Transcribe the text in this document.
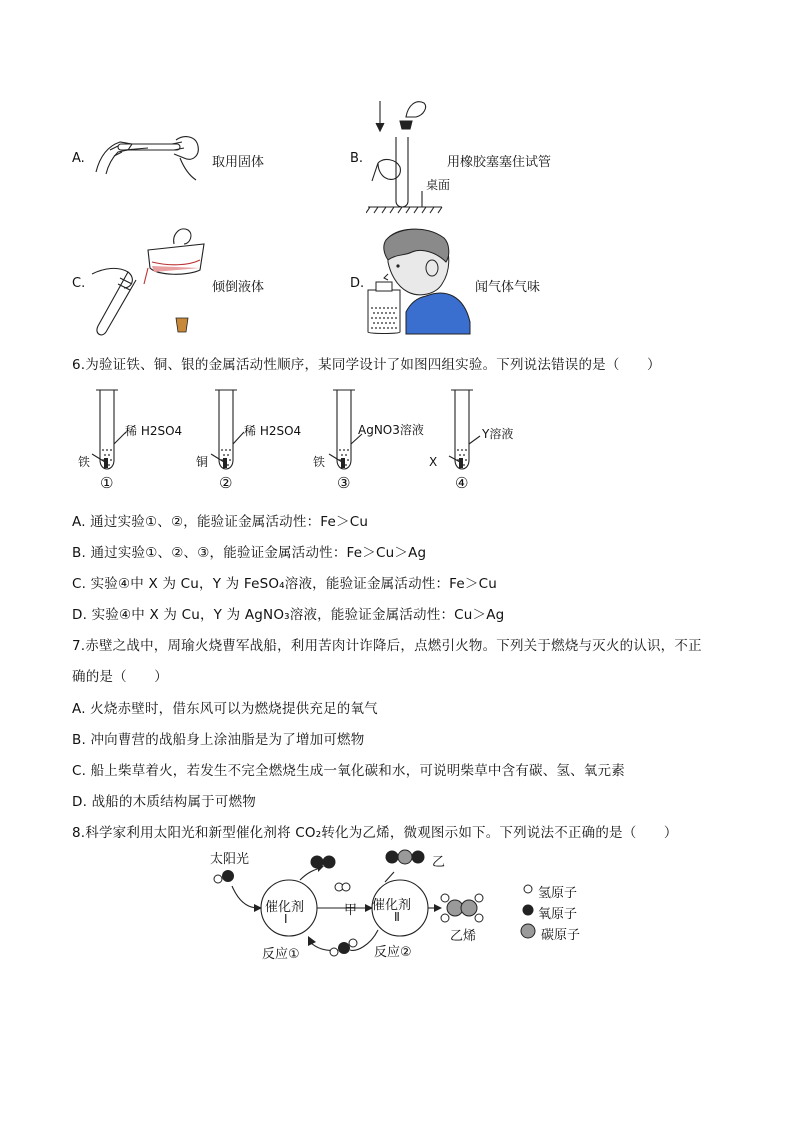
A.	取用固体	B.
桌面
用橡胶塞塞住试管
C.	倾倒液体	D.	闻气体气味
6.为验证铁、铜、银的金属活动性顺序，某同学设计了如图四组实验。下列说法错误的是（　　）
稀 H2SO4	稀 H2SO4	AgNO3溶液	Y溶液
铁	铜	铁	X
①	②	③	④
A. 通过实验①、②，能验证金属活动性：Fe＞Cu
B. 通过实验①、②、③，能验证金属活动性：Fe＞Cu＞Ag
C. 实验④中 X 为 Cu，Y 为 FeSO₄溶液，能验证金属活动性：Fe＞Cu
D. 实验④中 X 为 Cu，Y 为 AgNO₃溶液，能验证金属活动性：Cu＞Ag
7.赤壁之战中，周瑜火烧曹军战船，利用苦肉计诈降后，点燃引火物。下列关于燃烧与灭火的认识，不正
确的是（　　）
A. 火烧赤壁时，借东风可以为燃烧提供充足的氧气
B. 冲向曹营的战船身上涂油脂是为了增加可燃物
C. 船上柴草着火，若发生不完全燃烧生成一氧化碳和水，可说明柴草中含有碳、氢、氧元素
D. 战船的木质结构属于可燃物
8.科学家利用太阳光和新型催化剂将 CO₂转化为乙烯，微观图示如下。下列说法不正确的是（　　）
太阳光
催化剂
Ⅰ
催化剂
Ⅱ
甲
乙
乙烯
反应①	反应②
氢原子
氧原子
碳原子
